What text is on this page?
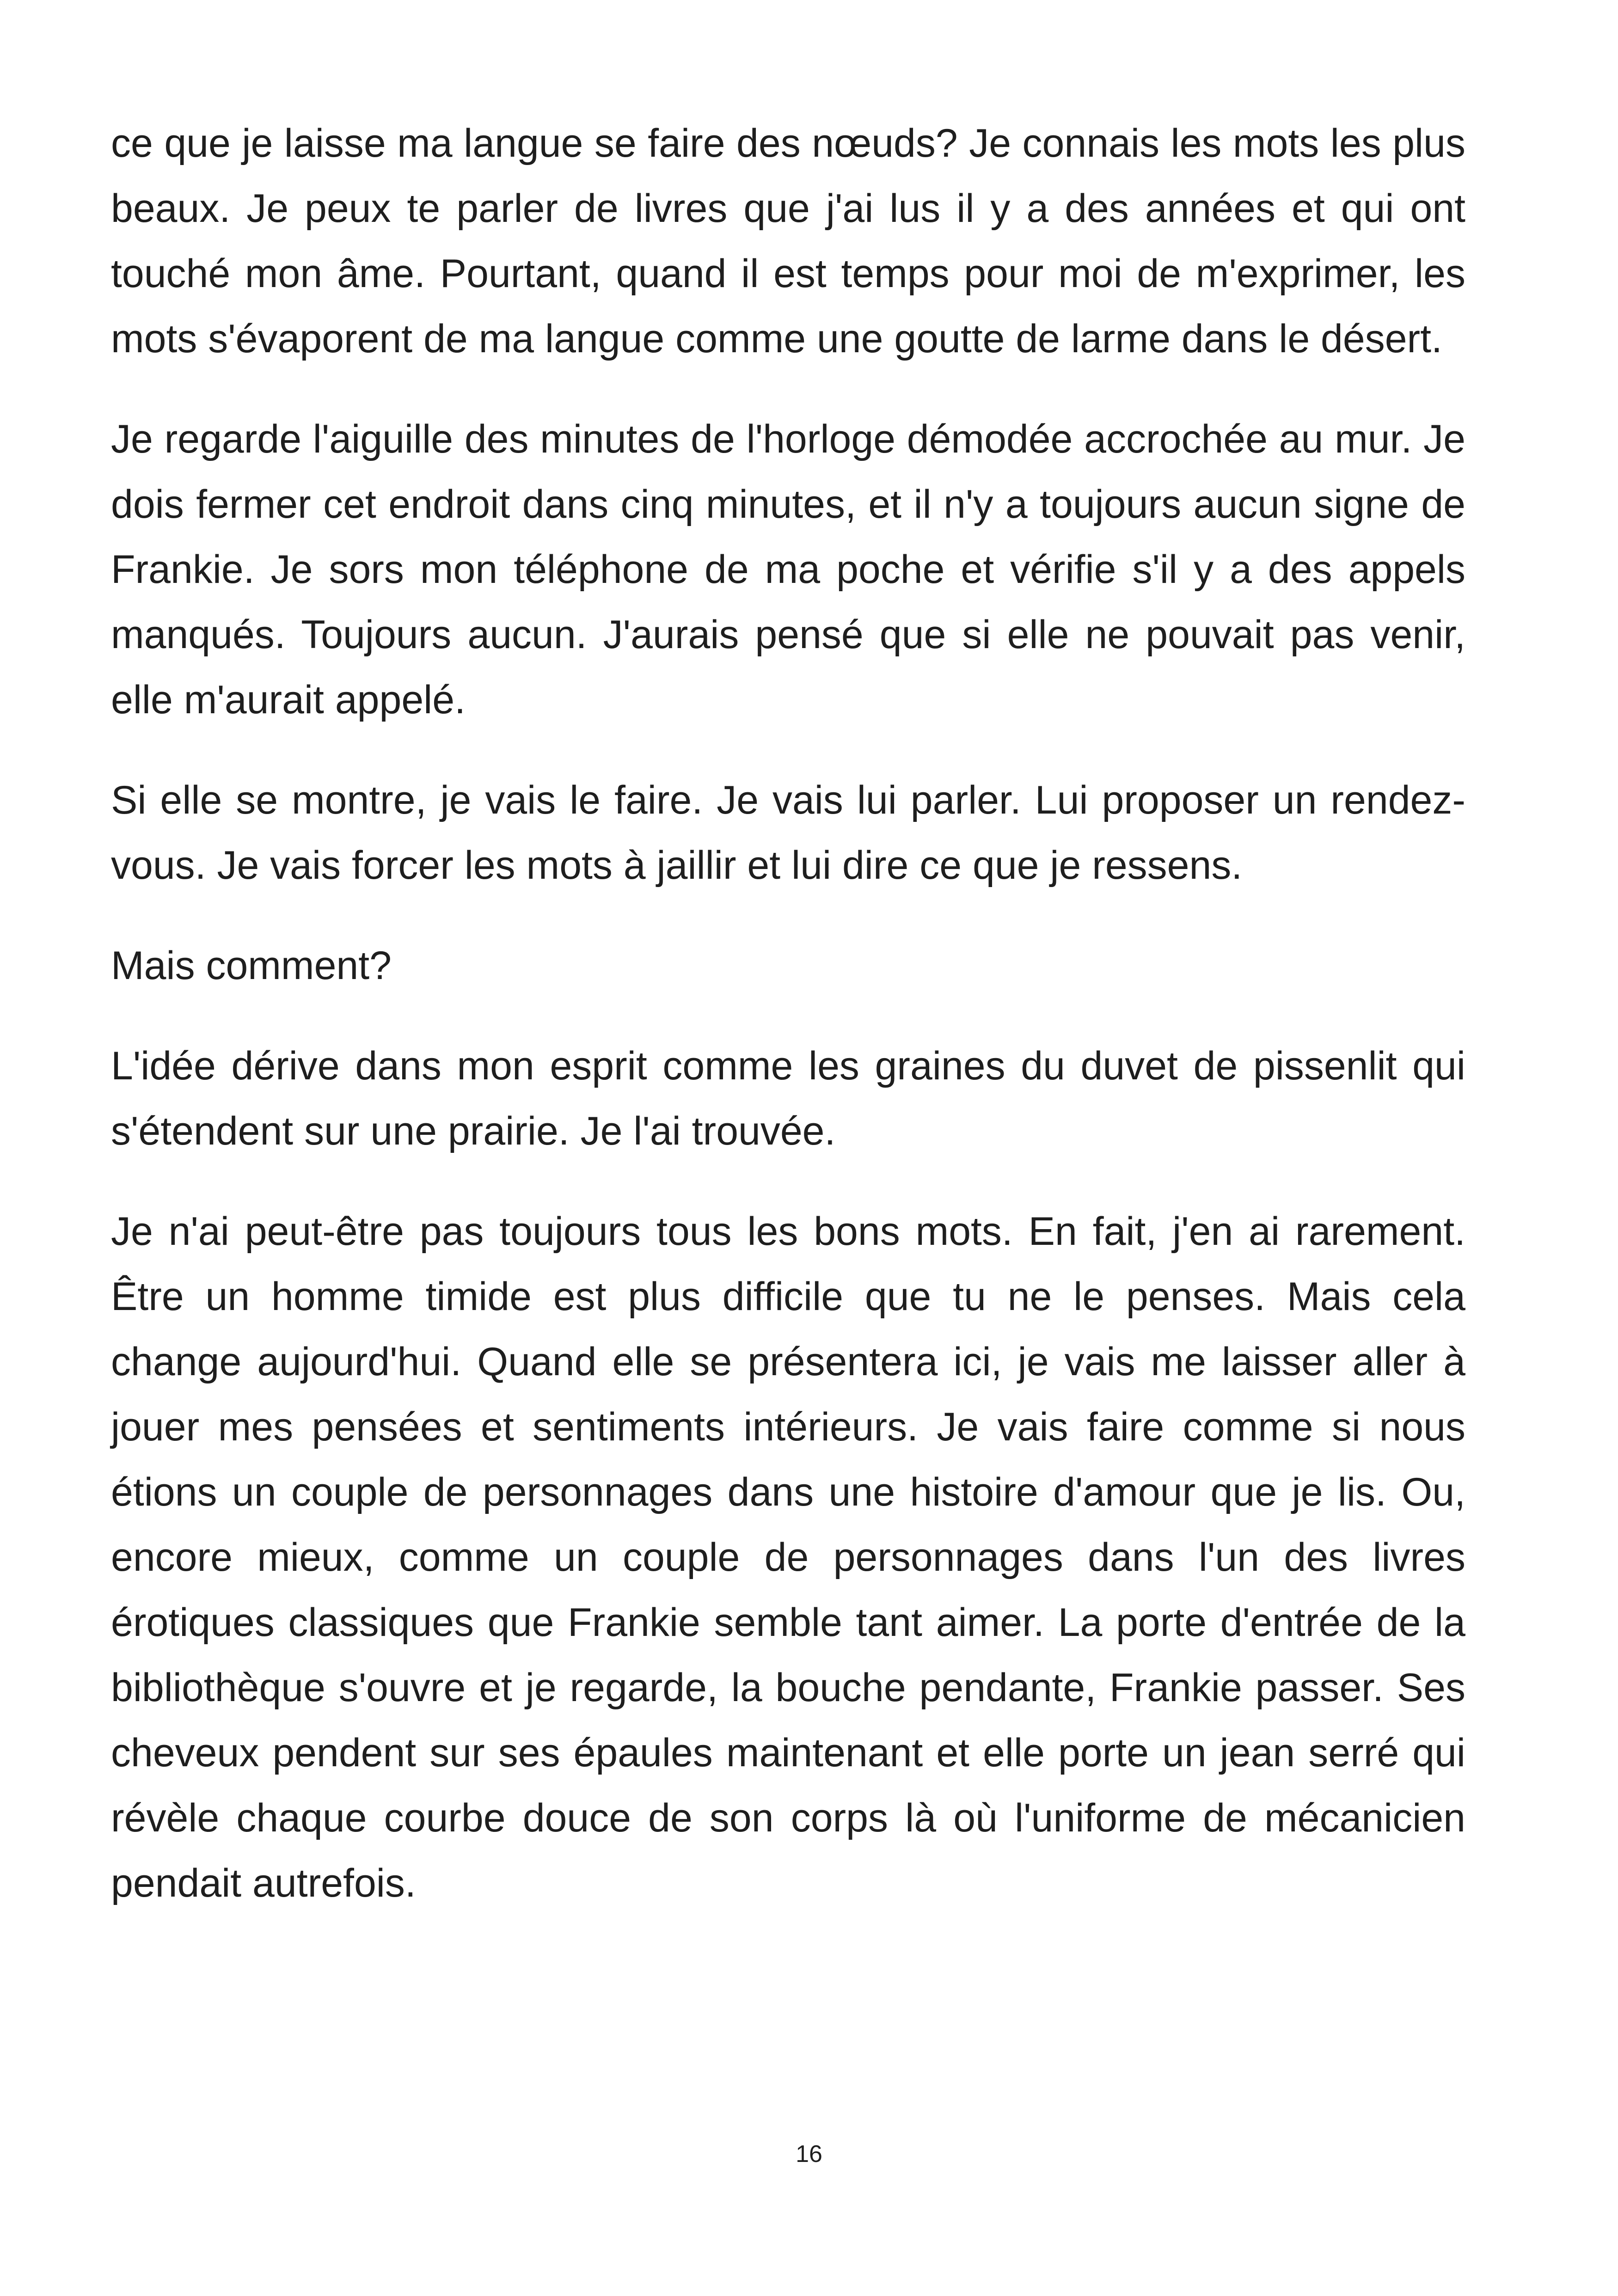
ce que je laisse ma langue se faire des nœuds? Je connais les mots les plus beaux. Je peux te parler de livres que j'ai lus il y a des années et qui ont touché mon âme. Pourtant, quand il est temps pour moi de m'exprimer, les mots s'évaporent de ma langue comme une goutte de larme dans le désert.

Je regarde l'aiguille des minutes de l'horloge démodée accrochée au mur. Je dois fermer cet endroit dans cinq minutes, et il n'y a toujours aucun signe de Frankie. Je sors mon téléphone de ma poche et vérifie s'il y a des appels manqués. Toujours aucun. J'aurais pensé que si elle ne pouvait pas venir, elle m'aurait appelé.

Si elle se montre, je vais le faire. Je vais lui parler. Lui proposer un rendez-vous. Je vais forcer les mots à jaillir et lui dire ce que je ressens.

Mais comment?

L'idée dérive dans mon esprit comme les graines du duvet de pissenlit qui s'étendent sur une prairie. Je l'ai trouvée.

Je n'ai peut-être pas toujours tous les bons mots. En fait, j'en ai rarement. Être un homme timide est plus difficile que tu ne le penses. Mais cela change aujourd'hui. Quand elle se présentera ici, je vais me laisser aller à jouer mes pensées et sentiments intérieurs. Je vais faire comme si nous étions un couple de personnages dans une histoire d'amour que je lis. Ou, encore mieux, comme un couple de personnages dans l'un des livres érotiques classiques que Frankie semble tant aimer. La porte d'entrée de la bibliothèque s'ouvre et je regarde, la bouche pendante, Frankie passer. Ses cheveux pendent sur ses épaules maintenant et elle porte un jean serré qui révèle chaque courbe douce de son corps là où l'uniforme de mécanicien pendait autrefois.

16
